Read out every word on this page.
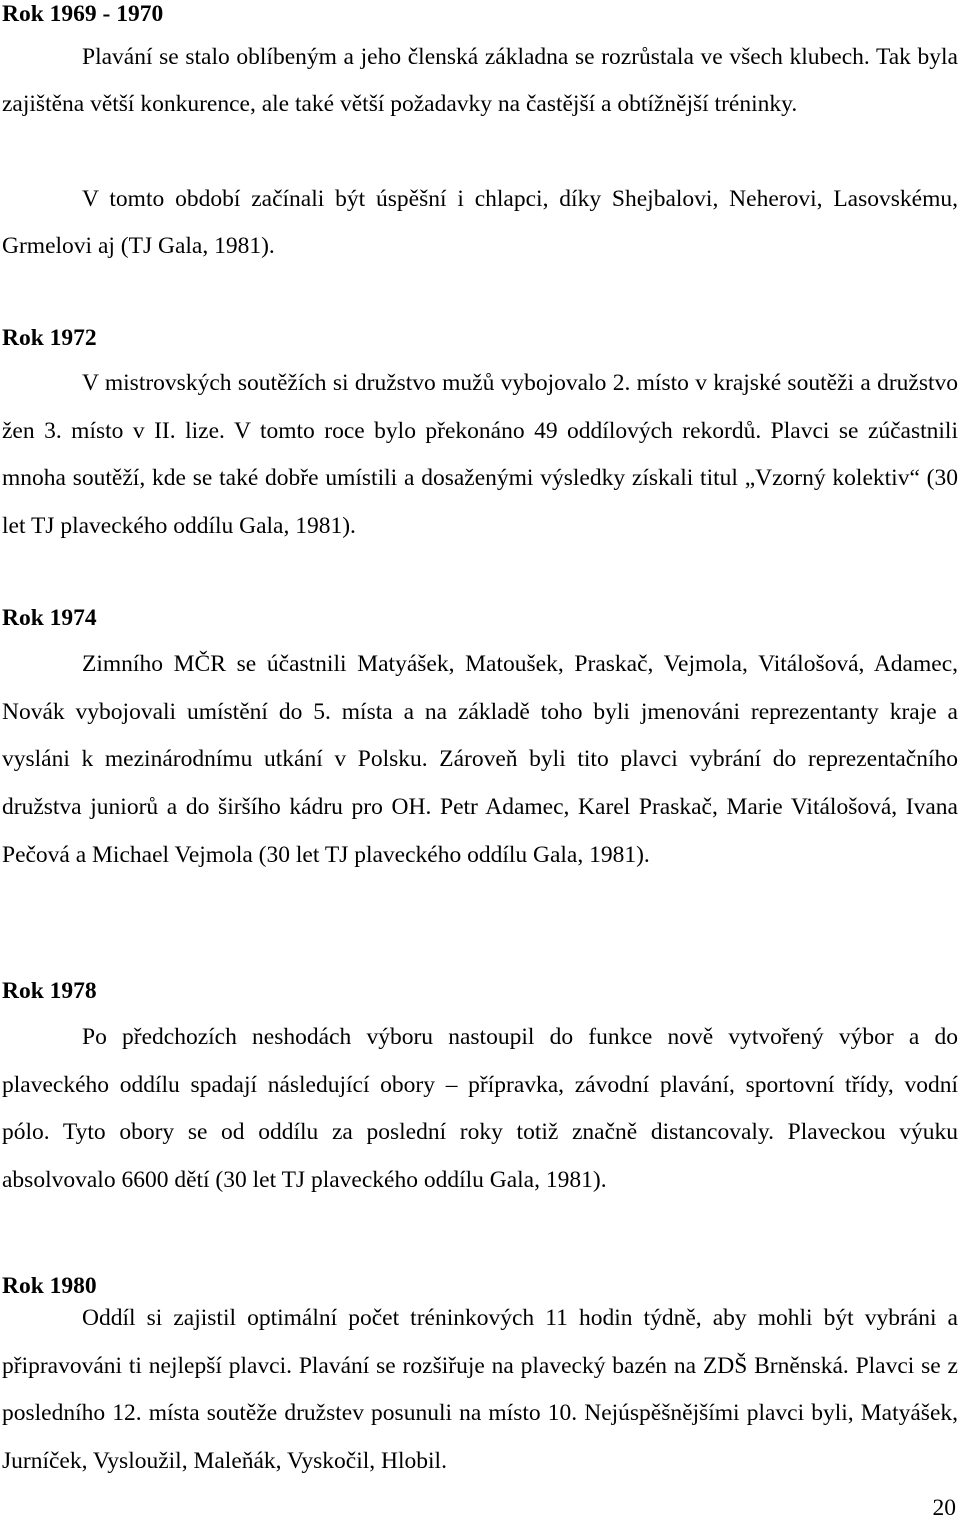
Rok 1969 - 1970

Plavání se stalo oblíbeným a jeho členská základna se rozrůstala ve všech klubech. Tak byla zajištěna větší konkurence, ale také větší požadavky na častější a obtížnější tréninky.

V tomto období začínali být úspěšní i chlapci, díky Shejbalovi, Neherovi, Lasovskému, Grmelovi aj (TJ Gala, 1981).

Rok 1972

V mistrovských soutěžích si družstvo mužů vybojovalo 2. místo v krajské soutěži a družstvo žen 3. místo v II. lize. V tomto roce bylo překonáno 49 oddílových rekordů. Plavci se zúčastnili mnoha soutěží, kde se také dobře umístili a dosaženými výsledky získali titul „Vzorný kolektiv“ (30 let TJ plaveckého oddílu Gala, 1981).

Rok 1974

Zimního MČR se účastnili Matyášek, Matoušek, Praskač, Vejmola, Vitálošová, Adamec, Novák vybojovali umístění do 5. místa a na základě toho byli jmenováni reprezentanty kraje a vysláni k mezinárodnímu utkání v Polsku. Zároveň byli tito plavci vybrání do reprezentačního družstva juniorů a do širšího kádru pro OH. Petr Adamec, Karel Praskač, Marie Vitálošová, Ivana Pečová a Michael Vejmola (30 let TJ plaveckého oddílu Gala, 1981).

Rok 1978

Po předchozích neshodách výboru nastoupil do funkce nově vytvořený výbor a do plaveckého oddílu spadají následující obory – přípravka, závodní plavání, sportovní třídy, vodní pólo. Tyto obory se od oddílu za poslední roky totiž značně distancovaly. Plaveckou výuku absolvovalo 6600 dětí (30 let TJ plaveckého oddílu Gala, 1981).

Rok 1980

Oddíl si zajistil optimální počet tréninkových 11 hodin týdně, aby mohli být vybráni a připravováni ti nejlepší plavci. Plavání se rozšiřuje na plavecký bazén na ZDŠ Brněnská. Plavci se z posledního 12. místa soutěže družstev posunuli na místo 10. Nejúspěšnějšími plavci byli, Matyášek, Jurníček, Vysloužil, Maleňák, Vyskočil, Hlobil.

20
